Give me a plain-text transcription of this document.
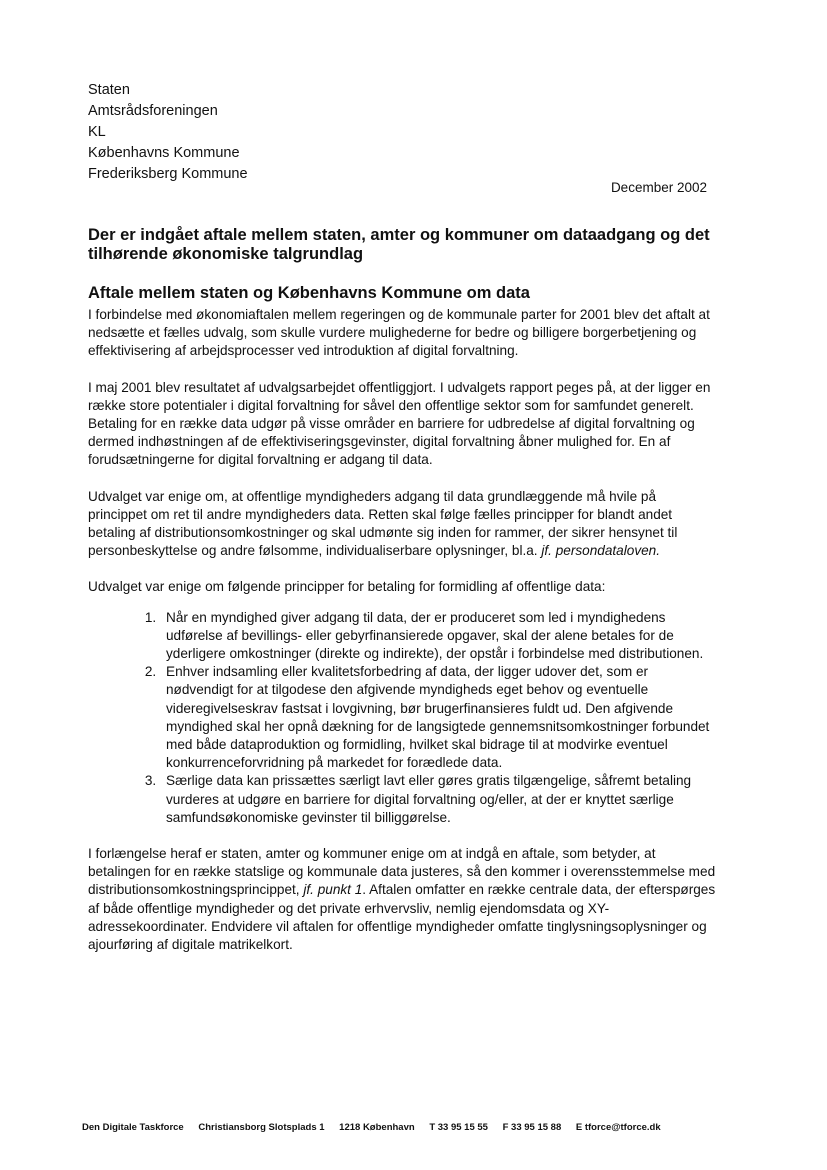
Staten
Amtsrådsforeningen
KL
Københavns Kommune
Frederiksberg Kommune
December 2002
Der er indgået aftale mellem staten, amter og kommuner om dataadgang og det tilhørende økonomiske talgrundlag
Aftale mellem staten og Københavns Kommune om data

I forbindelse med økonomiaftalen mellem regeringen og de kommunale parter for 2001 blev det aftalt at nedsætte et fælles udvalg, som skulle vurdere mulighederne for bedre og billigere borgerbetjening og effektivisering af arbejdsprocesser ved introduktion af digital forvaltning.

I maj 2001 blev resultatet af udvalgsarbejdet offentliggjort. I udvalgets rapport peges på, at der ligger en række store potentialer i digital forvaltning for såvel den offentlige sektor som for samfundet generelt. Betaling for en række data udgør på visse områder en barriere for udbredelse af digital forvaltning og dermed indhøstningen af de effektiviseringsgevinster, digital forvaltning åbner mulighed for. En af forudsætningerne for digital forvaltning er adgang til data.

Udvalget var enige om, at offentlige myndigheders adgang til data grundlæggende må hvile på princippet om ret til andre myndigheders data. Retten skal følge fælles principper for blandt andet betaling af distributionsomkostninger og skal udmønte sig inden for rammer, der sikrer hensynet til personbeskyttelse og andre følsomme, individualiserbare oplysninger, bl.a. jf. persondataloven.

Udvalget var enige om følgende principper for betaling for formidling af offentlige data:

1. Når en myndighed giver adgang til data, der er produceret som led i myndighedens udførelse af bevillings- eller gebyrfinansierede opgaver, skal der alene betales for de yderligere omkostninger (direkte og indirekte), der opstår i forbindelse med distributionen.
2. Enhver indsamling eller kvalitetsforbedring af data, der ligger udover det, som er nødvendigt for at tilgodese den afgivende myndigheds eget behov og eventuelle videregivelseskrav fastsat i lovgivning, bør brugerfinansieres fuldt ud. Den afgivende myndighed skal her opnå dækning for de langsigtede gennemsnitsomkostninger forbundet med både dataproduktion og formidling, hvilket skal bidrage til at modvirke eventuel konkurrenceforvridning på markedet for forædlede data.
3. Særlige data kan prissættes særligt lavt eller gøres gratis tilgængelige, såfremt betaling vurderes at udgøre en barriere for digital forvaltning og/eller, at der er knyttet særlige samfundsøkonomiske gevinster til billiggørelse.

I forlængelse heraf er staten, amter og kommuner enige om at indgå en aftale, som betyder, at betalingen for en række statslige og kommunale data justeres, så den kommer i overensstemmelse med distributionsomkostningsprincippet, jf. punkt 1. Aftalen omfatter en række centrale data, der efterspørges af både offentlige myndigheder og det private erhvervsliv, nemlig ejendomsdata og XY-adressekoordinater. Endvidere vil aftalen for offentlige myndigheder omfatte tinglysningsoplysninger og ajourføring af digitale matrikelkort.

Den Digitale Taskforce Christiansborg Slotsplads 1 1218 København T 33 95 15 55 F 33 95 15 88 E tforce@tforce.dk
